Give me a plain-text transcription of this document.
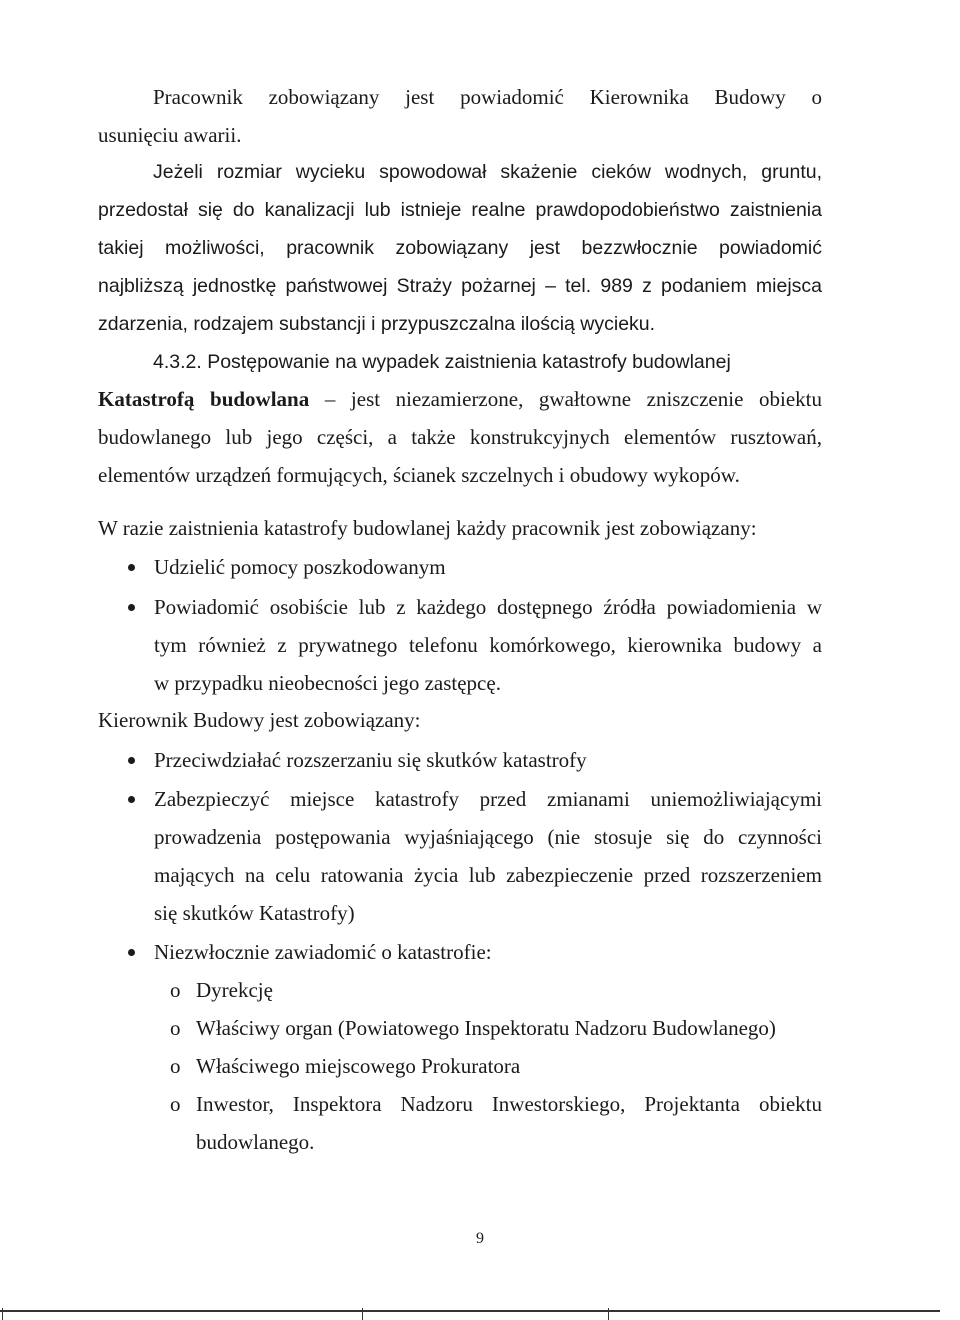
Pracownik zobowiązany jest powiadomić Kierownika Budowy o
usunięciu awarii.
Jeżeli rozmiar wycieku spowodował skażenie cieków wodnych, gruntu,
przedostał się do kanalizacji lub istnieje realne prawdopodobieństwo zaistnienia
takiej możliwości, pracownik zobowiązany jest bezzwłocznie powiadomić
najbliższą jednostkę państwowej Straży pożarnej – tel. 989 z podaniem miejsca
zdarzenia, rodzajem substancji i przypuszczalna ilością wycieku.
4.3.2. Postępowanie na wypadek zaistnienia katastrofy budowlanej
Katastrofą budowlana – jest niezamierzone, gwałtowne zniszczenie obiektu
budowlanego lub jego części, a także konstrukcyjnych elementów rusztowań,
elementów urządzeń formujących, ścianek szczelnych i obudowy wykopów.
W razie zaistnienia katastrofy budowlanej każdy pracownik jest zobowiązany:
Udzielić pomocy poszkodowanym
Powiadomić osobiście lub z każdego dostępnego źródła powiadomienia w
tym również z prywatnego telefonu komórkowego, kierownika budowy a
w przypadku nieobecności jego zastępcę.
Kierownik Budowy jest zobowiązany:
Przeciwdziałać rozszerzaniu się skutków katastrofy
Zabezpieczyć miejsce katastrofy przed zmianami uniemożliwiającymi
prowadzenia postępowania wyjaśniającego (nie stosuje się do czynności
mających na celu ratowania życia lub zabezpieczenie przed rozszerzeniem
się skutków Katastrofy)
Niezwłocznie zawiadomić o katastrofie:
o Dyrekcję
o Właściwy organ (Powiatowego Inspektoratu Nadzoru Budowlanego)
o Właściwego miejscowego Prokuratora
o Inwestor, Inspektora Nadzoru Inwestorskiego, Projektanta obiektu
budowlanego.
9
